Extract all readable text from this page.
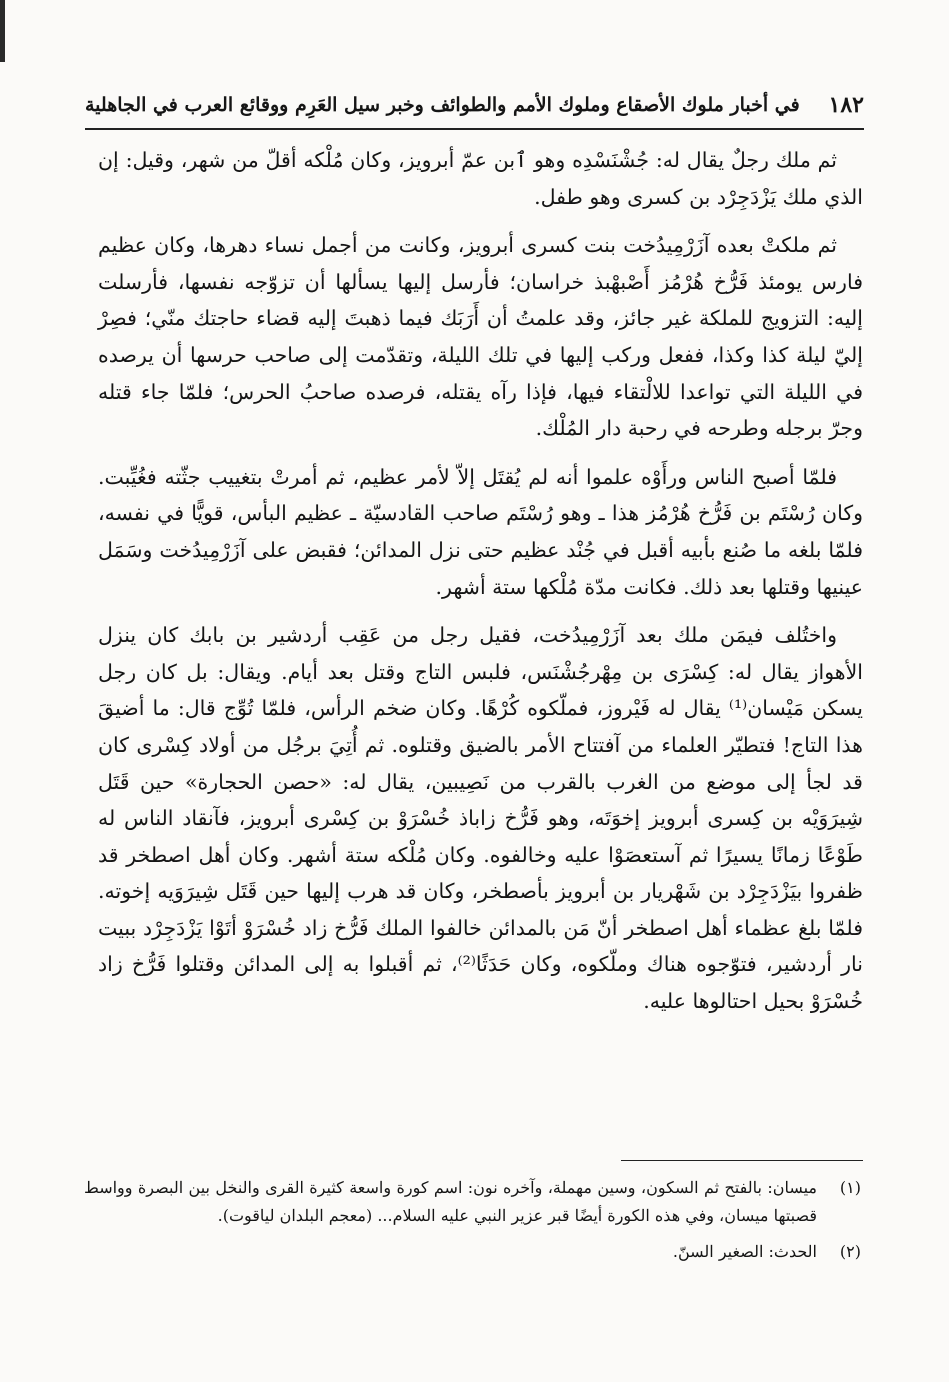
١٨٢
في أخبار ملوك الأصقاع وملوك الأمم والطوائف وخبر سيل العَرِم ووقائع العرب في الجاهلية

ثم ملك رجلٌ يقال له: جُشْنَسْدِه وهو ٱبن عمّ أبرويز، وكان مُلْكه أقلّ من شهر، وقيل: إن الذي ملك يَزْدَجِرْد بن كسرى وهو طفل.

ثم ملكتْ بعده آزَرْمِيدُخت بنت كسرى أبرويز، وكانت من أجمل نساء دهرها، وكان عظيم فارس يومئذ فَرُّخ هُرْمُز أَصْبهْبذ خراسان؛ فأرسل إليها يسألها أن تزوّجه نفسها، فأرسلت إليه: التزويج للملكة غير جائز، وقد علمتُ أن أَرَبَك فيما ذهبتَ إليه قضاء حاجتك منّي؛ فصِرْ إليّ ليلة كذا وكذا، ففعل وركب إليها في تلك الليلة، وتقدّمت إلى صاحب حرسها أن يرصده في الليلة التي تواعدا للالْتقاء فيها، فإذا رآه يقتله، فرصده صاحبُ الحرس؛ فلمّا جاء قتله وجرّ برجله وطرحه في رحبة دار المُلْك.

فلمّا أصبح الناس ورأَوْه علموا أنه لم يُقتَل إلاّ لأمر عظيم، ثم أمرتْ بتغييب جثّته فغُيِّبت. وكان رُسْتَم بن فَرُّخ هُرْمُز هذا ـ وهو رُسْتَم صاحب القادسيّة ـ عظيم البأس، قويًّا في نفسه، فلمّا بلغه ما صُنع بأبيه أقبل في جُنْد عظيم حتى نزل المدائن؛ فقبض على آزَرْمِيدُخت وسَمَل عينيها وقتلها بعد ذلك. فكانت مدّة مُلْكها ستة أشهر.

واختُلف فيمَن ملك بعد آزَرْمِيدُخت، فقيل رجل من عَقِب أردشير بن بابك كان ينزل الأهواز يقال له: كِسْرَى بن مِهْرجُشْنَس، فلبس التاج وقتل بعد أيام. ويقال: بل كان رجل يسكن مَيْسان⁽¹⁾ يقال له فَيْروز، فملّكوه كُرْهًا. وكان ضخم الرأس، فلمّا تُوِّج قال: ما أضيقَ هذا التاج! فتطيّر العلماء من آفتتاح الأمر بالضيق وقتلوه. ثم أُتِيَ برجُل من أولاد كِسْرى كان قد لجأ إلى موضع من الغرب بالقرب من نَصِيبين، يقال له: «حصن الحجارة» حين قَتَل شِيرَوَيْه بن كِسرى أبرويز إخوَتَه، وهو فَرُّخ زاباذ خُسْرَوْ بن كِسْرى أبرويز، فآنقاد الناس له طَوْعًا زمانًا يسيرًا ثم آستعصَوْا عليه وخالفوه. وكان مُلْكه ستة أشهر. وكان أهل اصطخر قد ظفروا بيَزْدَجِرْد بن شَهْريار بن أبرويز بأصطخر، وكان قد هرب إليها حين قَتَل شِيرَوَيه إخوته. فلمّا بلغ عظماء أهل اصطخر أنّ مَن بالمدائن خالفوا الملك فَرُّخ زاد خُسْرَوْ أتَوْا يَزْدَجِرْد ببيت نار أردشير، فتوّجوه هناك وملّكوه، وكان حَدَثًا⁽²⁾، ثم أقبلوا به إلى المدائن وقتلوا فَرُّخ زاد خُسْرَوْ بحيل احتالوها عليه.

(١)
ميسان: بالفتح ثم السكون، وسين مهملة، وآخره نون: اسم كورة واسعة كثيرة القرى والنخل بين البصرة وواسط قصبتها ميسان، وفي هذه الكورة أيضًا قبر عزير النبي عليه السلام... (معجم البلدان لياقوت).
(٢)
الحدث: الصغير السنّ.
